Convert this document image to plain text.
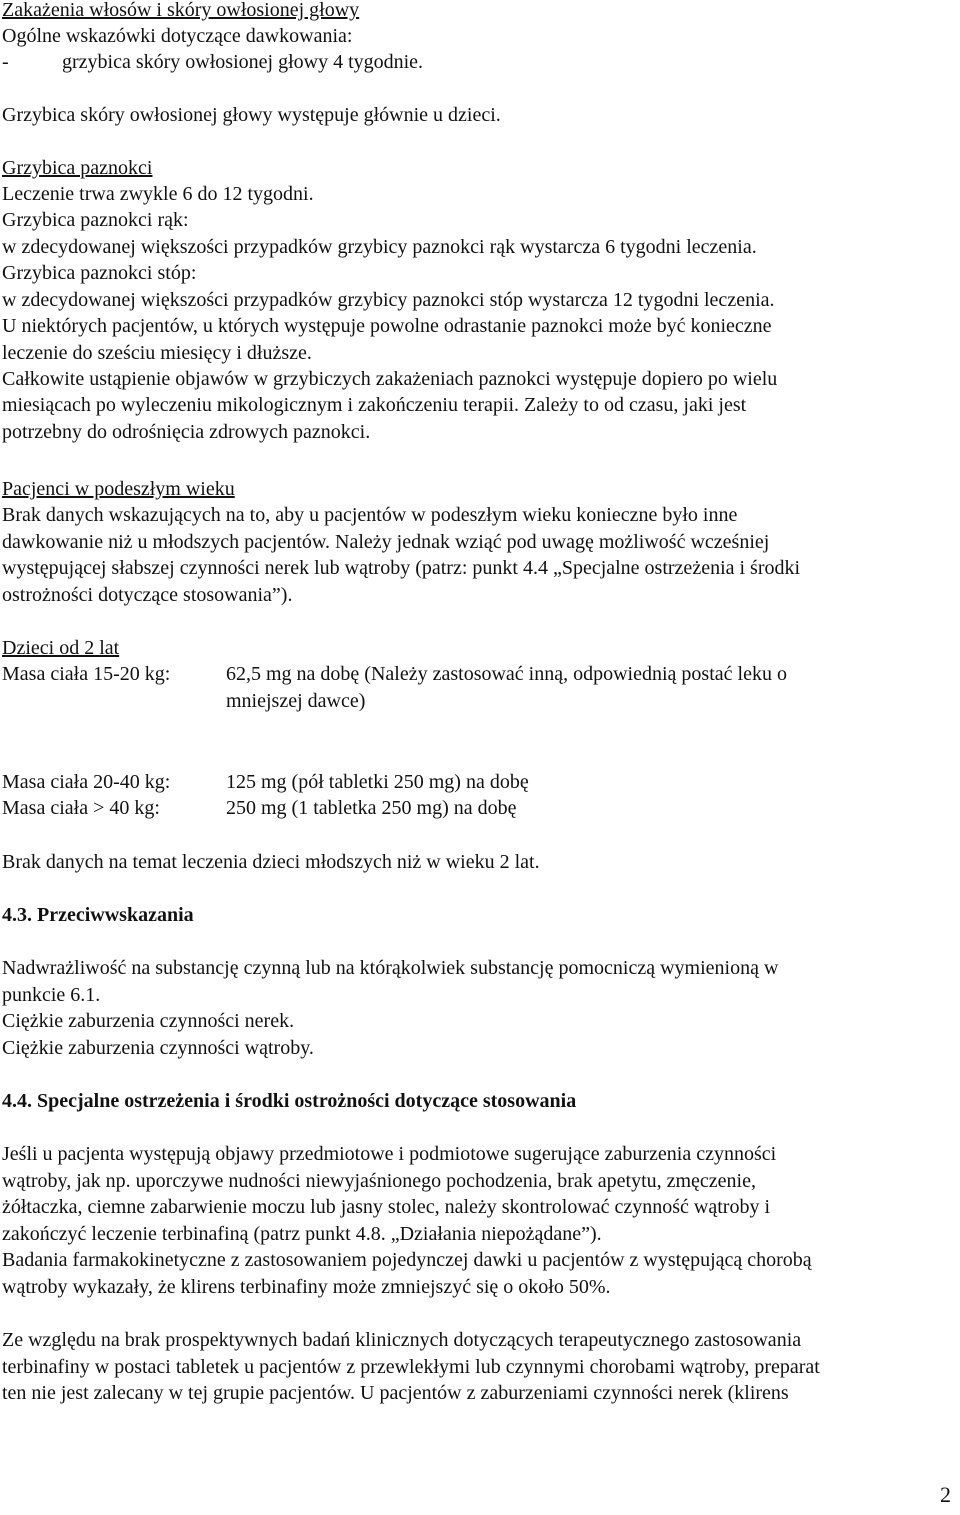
Zakażenia włosów i skóry owłosionej głowy

Ogólne wskazówki dotyczące dawkowania:

-	grzybica skóry owłosionej głowy 4 tygodnie.

Grzybica skóry owłosionej głowy występuje głównie u dzieci.

Grzybica paznokci

Leczenie trwa zwykle 6 do 12 tygodni.

Grzybica paznokci rąk:

w zdecydowanej większości przypadków grzybicy paznokci rąk wystarcza 6 tygodni leczenia.

Grzybica paznokci stóp:

w zdecydowanej większości przypadków grzybicy paznokci stóp wystarcza 12 tygodni leczenia.

U niektórych pacjentów, u których występuje powolne odrastanie paznokci może być konieczne

leczenie do sześciu miesięcy i dłuższe.

Całkowite ustąpienie objawów w grzybiczych zakażeniach paznokci występuje dopiero po wielu

miesiącach po wyleczeniu mikologicznym i zakończeniu terapii. Zależy to od czasu, jaki jest

potrzebny do odrośnięcia zdrowych paznokci.

Pacjenci w podeszłym wieku

Brak danych wskazujących na to, aby u pacjentów w podeszłym wieku konieczne było inne

dawkowanie niż u młodszych pacjentów. Należy jednak wziąć pod uwagę możliwość wcześniej

występującej słabszej czynności nerek lub wątroby (patrz: punkt 4.4 „Specjalne ostrzeżenia i środki

ostrożności dotyczące stosowania”).

Dzieci od 2 lat

Masa ciała 15-20 kg:	62,5 mg na dobę (Należy zastosować inną, odpowiednią postać leku o

mniejszej dawce)

Masa ciała 20-40 kg:	125 mg (pół tabletki 250 mg) na dobę

Masa ciała > 40 kg:	250 mg (1 tabletka 250 mg) na dobę

Brak danych na temat leczenia dzieci młodszych niż w wieku 2 lat.

4.3. Przeciwwskazania

Nadwrażliwość na substancję czynną lub na którąkolwiek substancję pomocniczą wymienioną w

punkcie 6.1.

Ciężkie zaburzenia czynności nerek.

Ciężkie zaburzenia czynności wątroby.

4.4. Specjalne ostrzeżenia i środki ostrożności dotyczące stosowania

Jeśli u pacjenta występują objawy przedmiotowe i podmiotowe sugerujące zaburzenia czynności

wątroby, jak np. uporczywe nudności niewyjaśnionego pochodzenia, brak apetytu, zmęczenie,

żółtaczka, ciemne zabarwienie moczu lub jasny stolec, należy skontrolować czynność wątroby i

zakończyć leczenie terbinafiną (patrz punkt 4.8. „Działania niepożądane”).

Badania farmakokinetyczne z zastosowaniem pojedynczej dawki u pacjentów z występującą chorobą

wątroby wykazały, że klirens terbinafiny może zmniejszyć się o około 50%.

Ze względu na brak prospektywnych badań klinicznych dotyczących terapeutycznego zastosowania

terbinafiny w postaci tabletek u pacjentów z przewlekłymi lub czynnymi chorobami wątroby, preparat

ten nie jest zalecany w tej grupie pacjentów. U pacjentów z zaburzeniami czynności nerek (klirens

2
